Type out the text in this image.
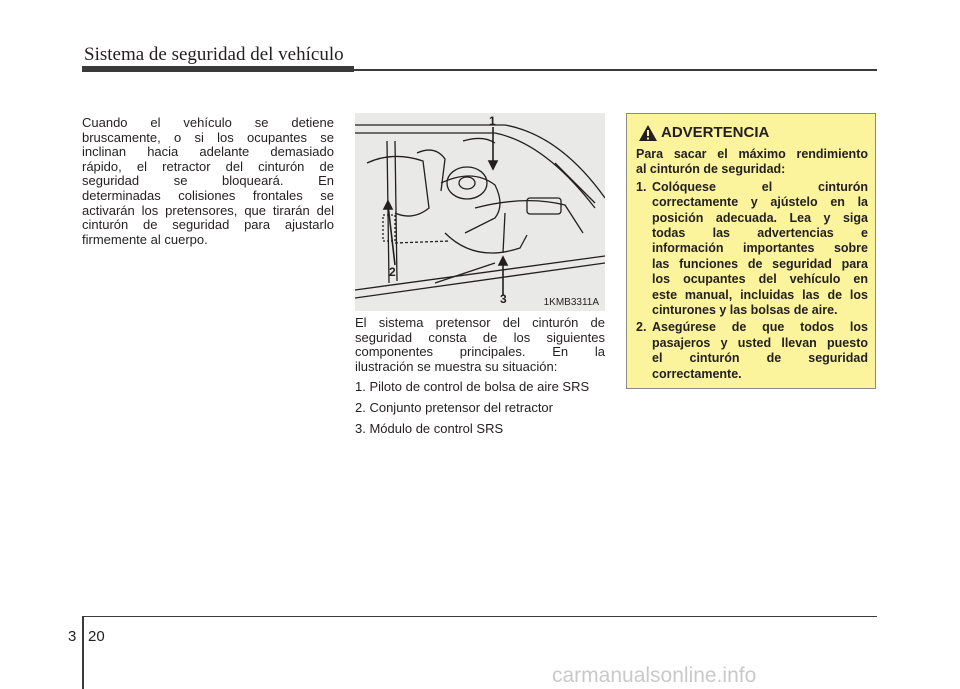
Sistema de seguridad del vehículo

Cuando el vehículo se detiene

bruscamente, o si los ocupantes se

inclinan hacia adelante demasiado

rápido, el retractor del cinturón de

seguridad se bloqueará. En

determinadas colisiones frontales se

activarán los pretensores, que tirarán del

cinturón de seguridad para ajustarlo

firmemente al cuerpo.

1
2
3	1KMB3311A

El sistema pretensor del cinturón de

seguridad consta de los siguientes

componentes principales. En la

ilustración se muestra su situación:

1. Piloto de control de bolsa de aire SRS
2. Conjunto pretensor del retractor
3. Módulo de control SRS
ADVERTENCIA

Para sacar el máximo rendimiento

al cinturón de seguridad:

1. Colóquese el cinturón

correctamente y ajústelo en la

posición adecuada. Lea y siga

todas las advertencias e

información importantes sobre

las funciones de seguridad para

los ocupantes del vehículo en

este manual, incluidas las de los

cinturones y las bolsas de aire.

2. Asegúrese de que todos los

pasajeros y usted llevan puesto

el cinturón de seguridad

correctamente.

3 20
carmanualsonline.info
